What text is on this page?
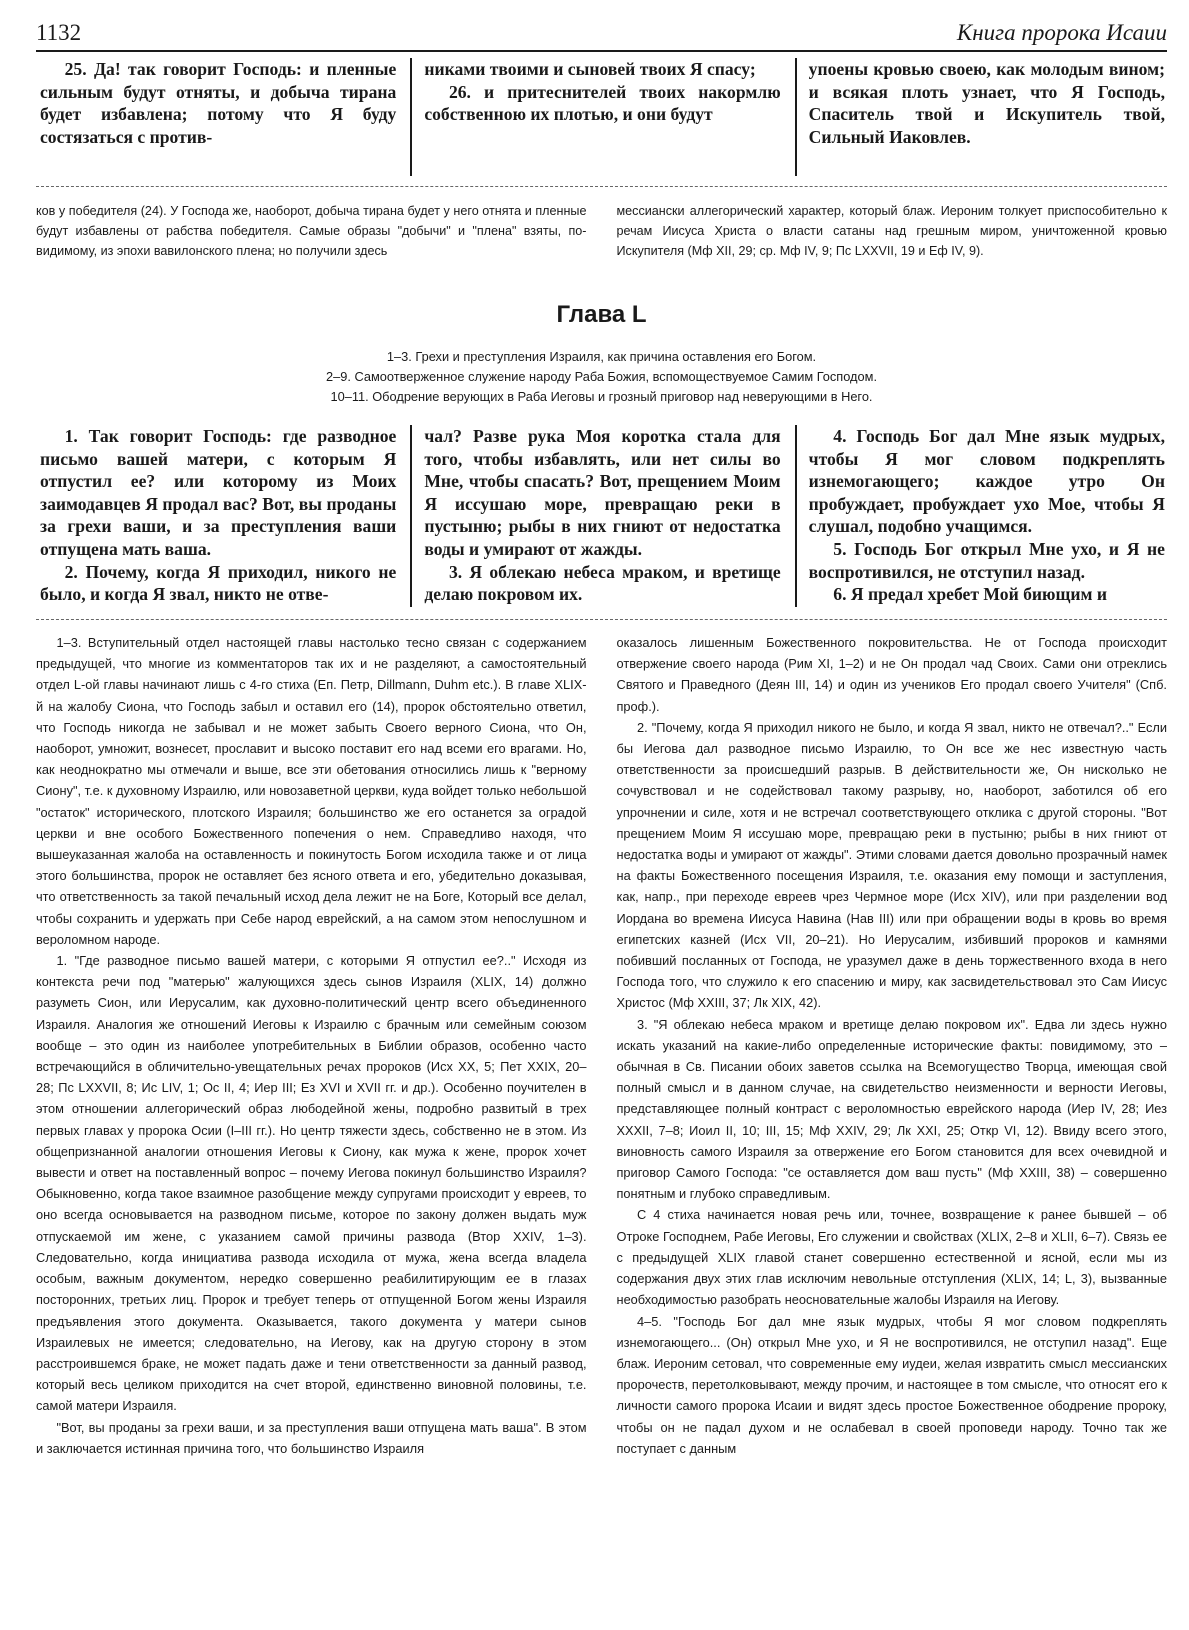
1132	Книга пророка Исаии

25. Да! так говорит Господь: и пленные сильным будут отняты, и добыча тирана будет избавлена; потому что Я буду состязаться с против-

никами твоими и сыновей твоих Я спасу;

26. и притеснителей твоих накормлю собственною их плотью, и они будут

упоены кровью своею, как молодым вином; и всякая плоть узнает, что Я Господь, Спаситель твой и Искупитель твой, Сильный Иаковлев.

ков у победителя (24). У Господа же, наоборот, добыча тирана будет у него отнята и пленные будут избавлены от рабства победителя. Самые образы "добычи" и "плена" взяты, по-видимому, из эпохи вавилонского плена; но получили здесь

мессиански аллегорический характер, который блаж. Иероним толкует приспособительно к речам Иисуса Христа о власти сатаны над грешным миром, уничтоженной кровью Искупителя (Мф XII, 29; ср. Мф IV, 9; Пс LXXVII, 19 и Еф IV, 9).

Глава L
1–3. Грехи и преступления Израиля, как причина оставления его Богом.
2–9. Самоотверженное служение народу Раба Божия, вспомоществуемое Самим Господом.
10–11. Ободрение верующих в Раба Иеговы и грозный приговор над неверующими в Него.

1. Так говорит Господь: где разводное письмо вашей матери, с которым Я отпустил ее? или которому из Моих заимодавцев Я продал вас? Вот, вы проданы за грехи ваши, и за преступления ваши отпущена мать ваша.

2. Почему, когда Я приходил, никого не было, и когда Я звал, никто не отве-

чал? Разве рука Моя коротка стала для того, чтобы избавлять, или нет силы во Мне, чтобы спасать? Вот, прещением Моим Я иссушаю море, превращаю реки в пустыню; рыбы в них гниют от недостатка воды и умирают от жажды.

3. Я облекаю небеса мраком, и вретище делаю покровом их.

4. Господь Бог дал Мне язык мудрых, чтобы Я мог словом подкреплять изнемогающего; каждое утро Он пробуждает, пробуждает ухо Мое, чтобы Я слушал, подобно учащимся.

5. Господь Бог открыл Мне ухо, и Я не воспротивился, не отступил назад.

6. Я предал хребет Мой биющим и

1–3. Вступительный отдел настоящей главы настолько тесно связан с содержанием предыдущей, что многие из комментаторов так их и не разделяют, а самостоятельный отдел L-ой главы начинают лишь с 4-го стиха (Еп. Петр, Dillmann, Duhm etc.). В главе XLIX-й на жалобу Сиона, что Господь забыл и оставил его (14), пророк обстоятельно ответил, что Господь никогда не забывал и не может забыть Своего верного Сиона, что Он, наоборот, умножит, вознесет, прославит и высоко поставит его над всеми его врагами. Но, как неоднократно мы отмечали и выше, все эти обетования относились лишь к "верному Сиону", т.е. к духовному Израилю, или новозаветной церкви, куда войдет только небольшой "остаток" исторического, плотского Израиля; большинство же его останется за оградой церкви и вне особого Божественного попечения о нем. Справедливо находя, что вышеуказанная жалоба на оставленность и покинутость Богом исходила также и от лица этого большинства, пророк не оставляет без ясного ответа и его, убедительно доказывая, что ответственность за такой печальный исход дела лежит не на Боге, Который все делал, чтобы сохранить и удержать при Себе народ еврейский, а на самом этом непослушном и вероломном народе.

1. "Где разводное письмо вашей матери, с которыми Я отпустил ее?.." Исходя из контекста речи под "матерью" жалующихся здесь сынов Израиля (XLIX, 14) должно разуметь Сион, или Иерусалим, как духовно-политический центр всего объединенного Израиля. Аналогия же отношений Иеговы к Израилю с брачным или семейным союзом вообще – это один из наиболее употребительных в Библии образов, особенно часто встречающийся в обличительно-увещательных речах пророков (Исх XX, 5; Пет XXIX, 20–28; Пс LXXVII, 8; Ис LIV, 1; Ос II, 4; Иер III; Ез XVI и XVII гг. и др.). Особенно поучителен в этом отношении аллегорический образ любодейной жены, подробно развитый в трех первых главах у пророка Осии (I–III гг.). Но центр тяжести здесь, собственно не в этом. Из общепризнанной аналогии отношения Иеговы к Сиону, как мужа к жене, пророк хочет вывести и ответ на поставленный вопрос – почему Иегова покинул большинство Израиля? Обыкновенно, когда такое взаимное разобщение между супругами происходит у евреев, то оно всегда основывается на разводном письме, которое по закону должен выдать муж отпускаемой им жене, с указанием самой причины развода (Втор XXIV, 1–3). Следовательно, когда инициатива развода исходила от мужа, жена всегда владела особым, важным документом, нередко совершенно реабилитирующим ее в глазах посторонних, третьих лиц. Пророк и требует теперь от отпущенной Богом жены Израиля предъявления этого документа. Оказывается, такого документа у матери сынов Израилевых не имеется; следовательно, на Иегову, как на другую сторону в этом расстроившемся браке, не может падать даже и тени ответственности за данный развод, который весь целиком приходится на счет второй, единственно виновной половины, т.е. самой матери Израиля.

"Вот, вы проданы за грехи ваши, и за преступления ваши отпущена мать ваша". В этом и заключается истинная причина того, что большинство Израиля

оказалось лишенным Божественного покровительства. Не от Господа происходит отвержение своего народа (Рим XI, 1–2) и не Он продал чад Своих. Сами они отреклись Святого и Праведного (Деян III, 14) и один из учеников Его продал своего Учителя" (Спб. проф.).

2. "Почему, когда Я приходил никого не было, и когда Я звал, никто не отвечал?.." Если бы Иегова дал разводное письмо Израилю, то Он все же нес известную часть ответственности за происшедший разрыв. В действительности же, Он нисколько не сочувствовал и не содействовал такому разрыву, но, наоборот, заботился об его упрочнении и силе, хотя и не встречал соответствующего отклика с другой стороны. "Вот прещением Моим Я иссушаю море, превращаю реки в пустыню; рыбы в них гниют от недостатка воды и умирают от жажды". Этими словами дается довольно прозрачный намек на факты Божественного посещения Израиля, т.е. оказания ему помощи и заступления, как, напр., при переходе евреев чрез Чермное море (Исх XIV), или при разделении вод Иордана во времена Иисуса Навина (Нав III) или при обращении воды в кровь во время египетских казней (Исх VII, 20–21). Но Иерусалим, избивший пророков и камнями побивший посланных от Господа, не уразумел даже в день торжественного входа в него Господа того, что служило к его спасению и миру, как засвидетельствовал это Сам Иисус Христос (Мф XXIII, 37; Лк XIX, 42).

3. "Я облекаю небеса мраком и вретище делаю покровом их". Едва ли здесь нужно искать указаний на какие-либо определенные исторические факты: повидимому, это – обычная в Св. Писании обоих заветов ссылка на Всемогущество Творца, имеющая свой полный смысл и в данном случае, на свидетельство неизменности и верности Иеговы, представляющее полный контраст с вероломностью еврейского народа (Иер IV, 28; Иез XXXII, 7–8; Иоил II, 10; III, 15; Мф XXIV, 29; Лк XXI, 25; Откр VI, 12). Ввиду всего этого, виновность самого Израиля за отвержение его Богом становится для всех очевидной и приговор Самого Господа: "се оставляется дом ваш пусть" (Мф XXIII, 38) – совершенно понятным и глубоко справедливым.

С 4 стиха начинается новая речь или, точнее, возвращение к ранее бывшей – об Отроке Господнем, Рабе Иеговы, Его служении и свойствах (XLIX, 2–8 и XLII, 6–7). Связь ее с предыдущей XLIX главой станет совершенно естественной и ясной, если мы из содержания двух этих глав исключим невольные отступления (XLIX, 14; L, 3), вызванные необходимостью разобрать неосновательные жалобы Израиля на Иегову.

4–5. "Господь Бог дал мне язык мудрых, чтобы Я мог словом подкреплять изнемогающего... (Он) открыл Мне ухо, и Я не воспротивился, не отступил назад". Еще блаж. Иероним сетовал, что современные ему иудеи, желая извратить смысл мессианских пророчеств, перетолковывают, между прочим, и настоящее в том смысле, что относят его к личности самого пророка Исаии и видят здесь простое Божественное ободрение пророку, чтобы он не падал духом и не ослабевал в своей проповеди народу. Точно так же поступает с данным
